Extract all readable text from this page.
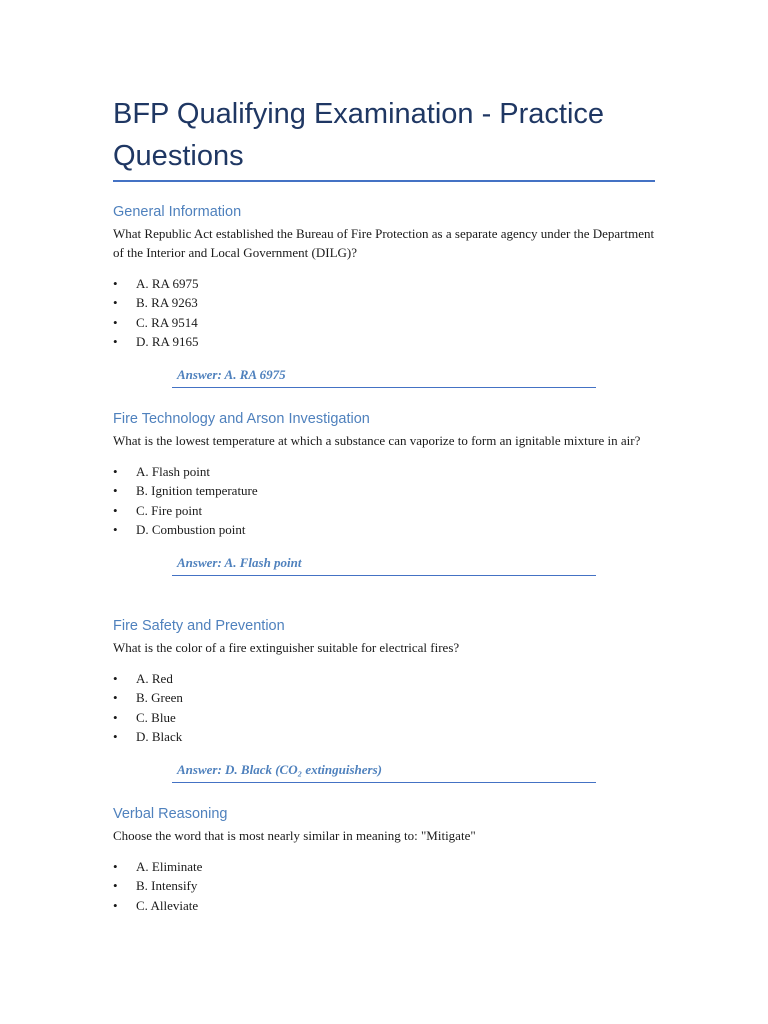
BFP Qualifying Examination - Practice Questions

General Information

What Republic Act established the Bureau of Fire Protection as a separate agency under the Department of the Interior and Local Government (DILG)?

• A. RA 6975
• B. RA 9263
• C. RA 9514
• D. RA 9165
Answer: A. RA 6975

Fire Technology and Arson Investigation

What is the lowest temperature at which a substance can vaporize to form an ignitable mixture in air?

• A. Flash point
• B. Ignition temperature
• C. Fire point
• D. Combustion point
Answer: A. Flash point

Fire Safety and Prevention

What is the color of a fire extinguisher suitable for electrical fires?

• A. Red
• B. Green
• C. Blue
• D. Black
Answer: D. Black (CO₂ extinguishers)

Verbal Reasoning

Choose the word that is most nearly similar in meaning to: "Mitigate"

• A. Eliminate
• B. Intensify
• C. Alleviate
